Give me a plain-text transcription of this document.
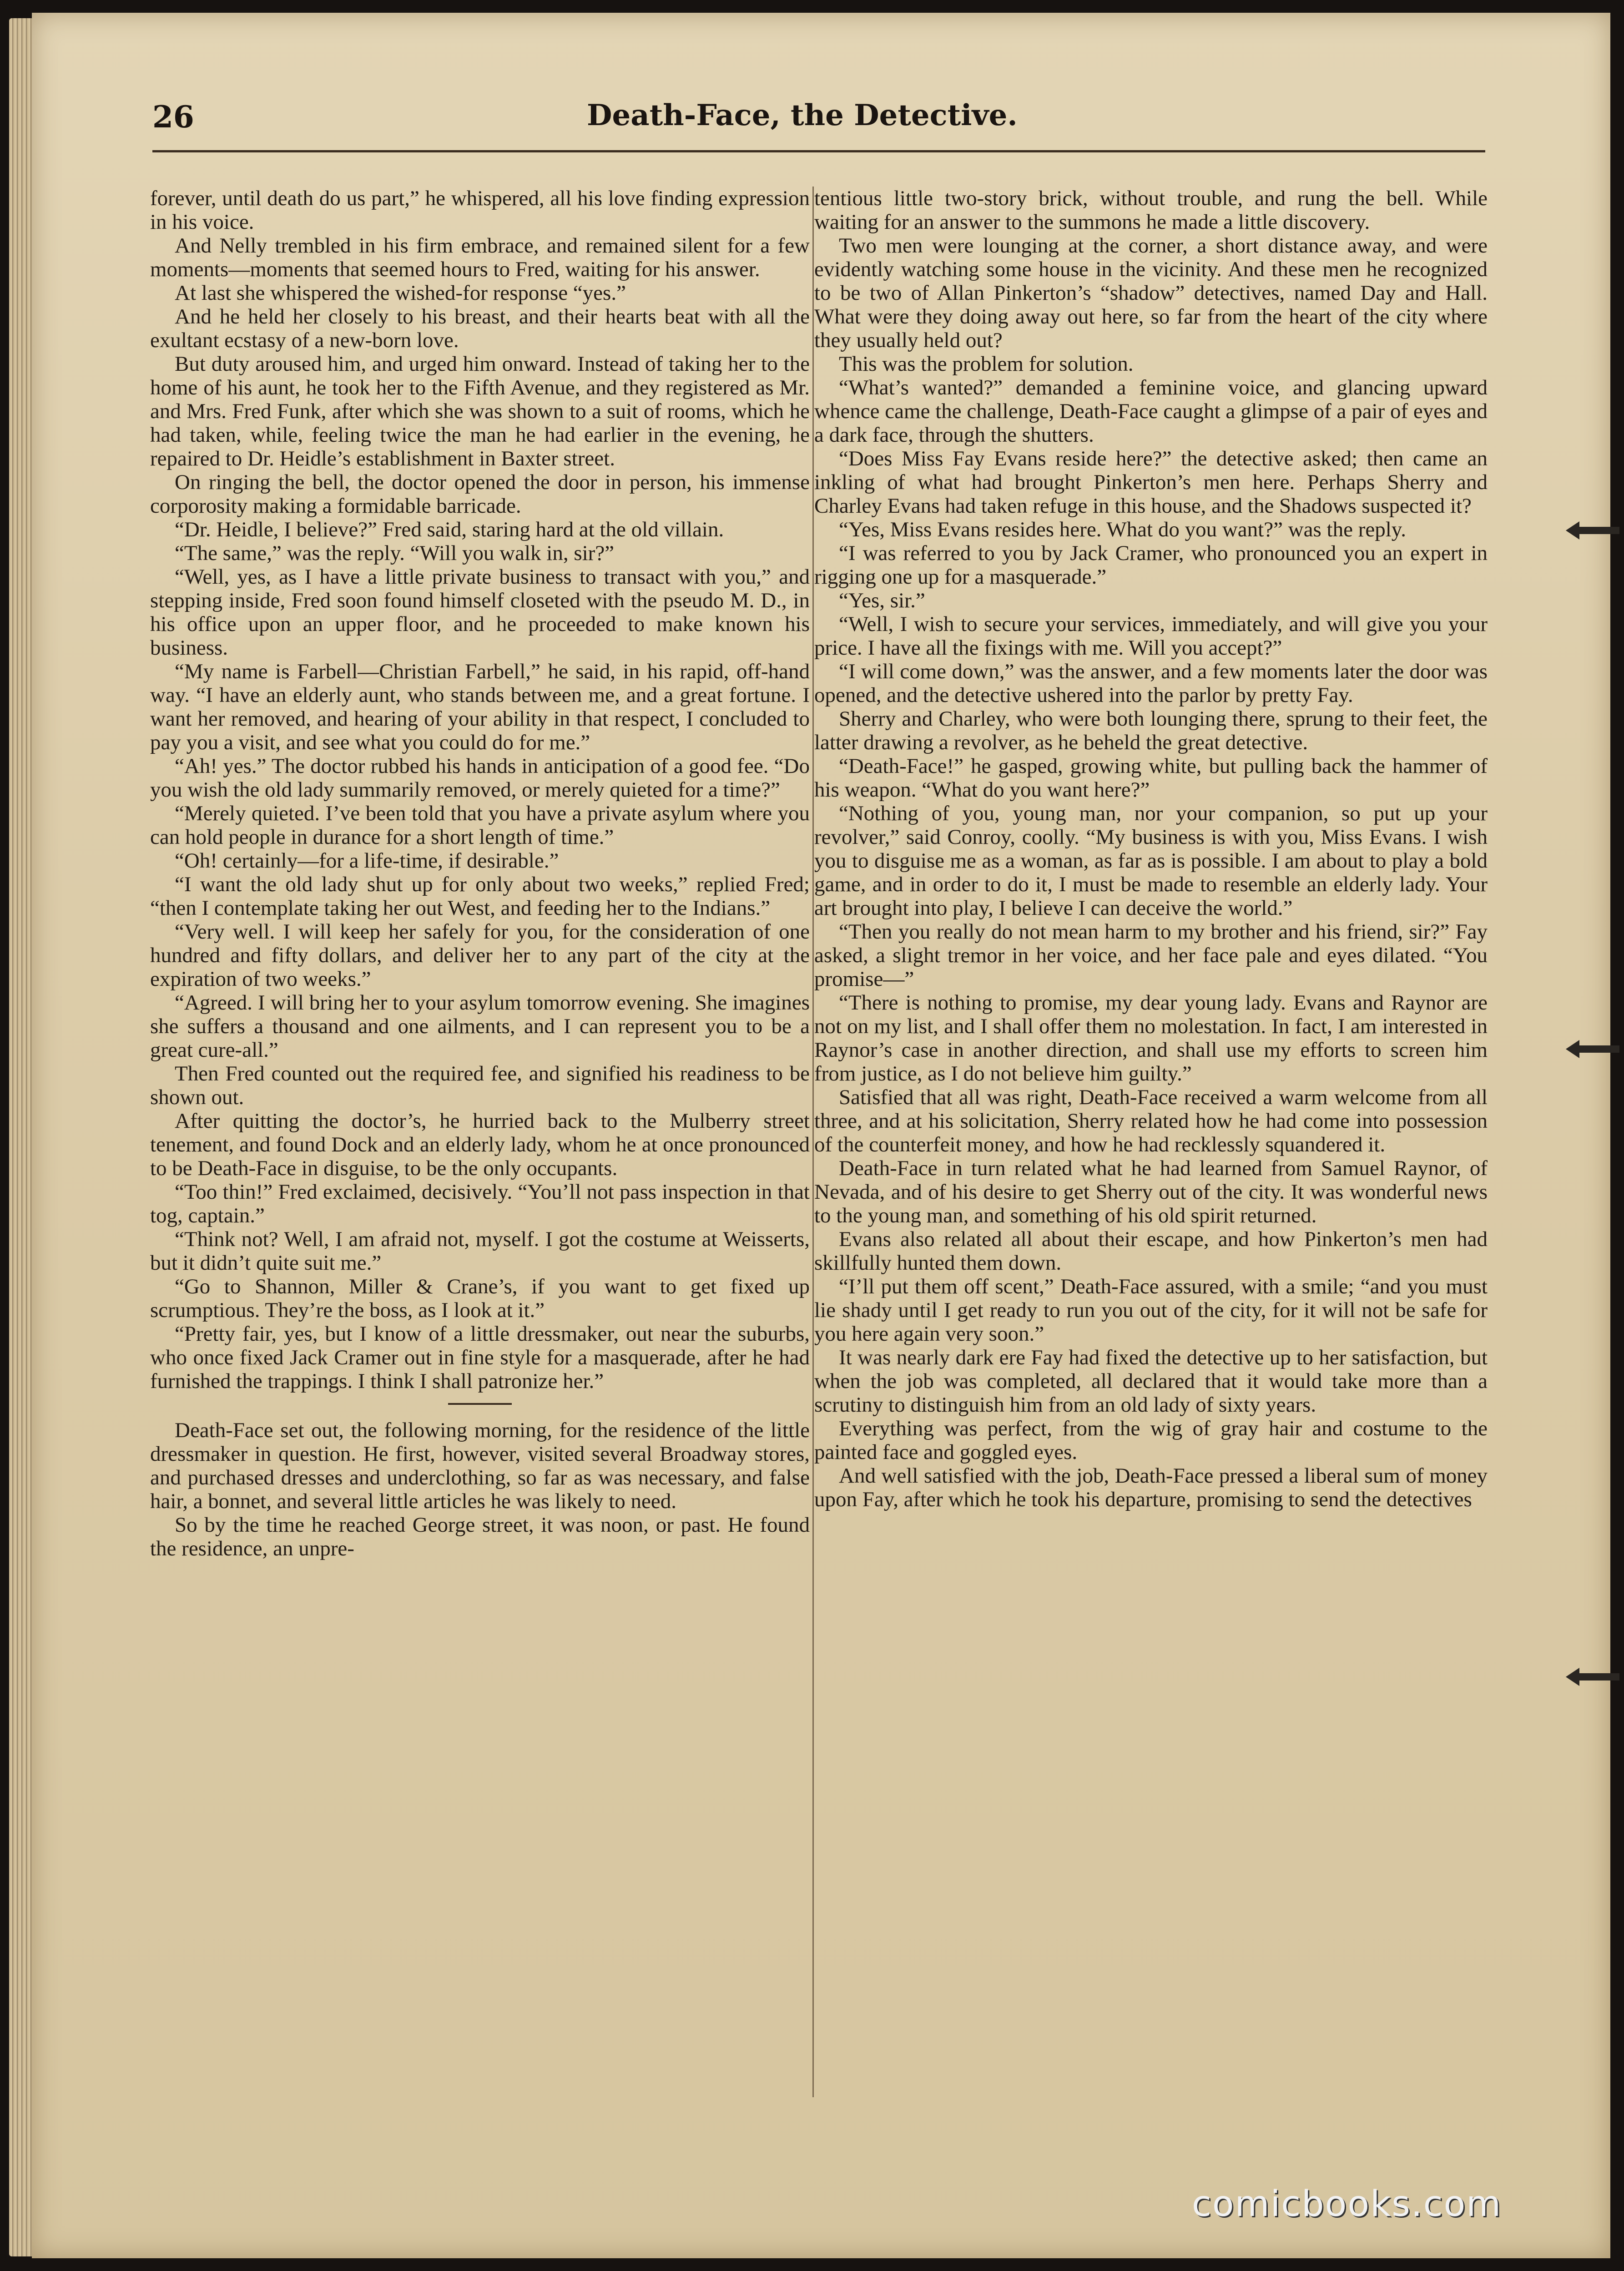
26	Death-Face, the Detective.

forever, until death do us part,” he whispered, all his love finding expression in his voice.

And Nelly trembled in his firm embrace, and remained silent for a few moments—moments that seemed hours to Fred, waiting for his answer.

At last she whispered the wished-for response “yes.”

And he held her closely to his breast, and their hearts beat with all the exultant ecstasy of a new-born love.

But duty aroused him, and urged him onward. Instead of taking her to the home of his aunt, he took her to the Fifth Avenue, and they registered as Mr. and Mrs. Fred Funk, after which she was shown to a suit of rooms, which he had taken, while, feeling twice the man he had earlier in the evening, he repaired to Dr. Heidle’s establishment in Baxter street.

On ringing the bell, the doctor opened the door in person, his immense corporosity making a formidable barricade.

“Dr. Heidle, I believe?” Fred said, staring hard at the old villain.

“The same,” was the reply. “Will you walk in, sir?”

“Well, yes, as I have a little private business to transact with you,” and stepping inside, Fred soon found himself closeted with the pseudo M. D., in his office upon an upper floor, and he proceeded to make known his business.

“My name is Farbell—Christian Farbell,” he said, in his rapid, off-hand way. “I have an elderly aunt, who stands between me, and a great fortune. I want her removed, and hearing of your ability in that respect, I concluded to pay you a visit, and see what you could do for me.”

“Ah! yes.” The doctor rubbed his hands in anticipation of a good fee. “Do you wish the old lady summarily removed, or merely quieted for a time?”

“Merely quieted. I’ve been told that you have a private asylum where you can hold people in durance for a short length of time.”

“Oh! certainly—for a life-time, if desirable.”

“I want the old lady shut up for only about two weeks,” replied Fred; “then I contemplate taking her out West, and feeding her to the Indians.”

“Very well. I will keep her safely for you, for the consideration of one hundred and fifty dollars, and deliver her to any part of the city at the expiration of two weeks.”

“Agreed. I will bring her to your asylum tomorrow evening. She imagines she suffers a thousand and one ailments, and I can represent you to be a great cure-all.”

Then Fred counted out the required fee, and signified his readiness to be shown out.

After quitting the doctor’s, he hurried back to the Mulberry street tenement, and found Dock and an elderly lady, whom he at once pronounced to be Death-Face in disguise, to be the only occupants.

“Too thin!” Fred exclaimed, decisively. “You’ll not pass inspection in that tog, captain.”

“Think not? Well, I am afraid not, myself. I got the costume at Weisserts, but it didn’t quite suit me.”

“Go to Shannon, Miller & Crane’s, if you want to get fixed up scrumptious. They’re the boss, as I look at it.”

“Pretty fair, yes, but I know of a little dressmaker, out near the suburbs, who once fixed Jack Cramer out in fine style for a masquerade, after he had furnished the trappings. I think I shall patronize her.”

Death-Face set out, the following morning, for the residence of the little dressmaker in question. He first, however, visited several Broadway stores, and purchased dresses and underclothing, so far as was necessary, and false hair, a bonnet, and several little articles he was likely to need.

So by the time he reached George street, it was noon, or past. He found the residence, an unpre-

tentious little two-story brick, without trouble, and rung the bell. While waiting for an answer to the summons he made a little discovery.

Two men were lounging at the corner, a short distance away, and were evidently watching some house in the vicinity. And these men he recognized to be two of Allan Pinkerton’s “shadow” detectives, named Day and Hall. What were they doing away out here, so far from the heart of the city where they usually held out?

This was the problem for solution.

“What’s wanted?” demanded a feminine voice, and glancing upward whence came the challenge, Death-Face caught a glimpse of a pair of eyes and a dark face, through the shutters.

“Does Miss Fay Evans reside here?” the detective asked; then came an inkling of what had brought Pinkerton’s men here. Perhaps Sherry and Charley Evans had taken refuge in this house, and the Shadows suspected it?

“Yes, Miss Evans resides here. What do you want?” was the reply.

“I was referred to you by Jack Cramer, who pronounced you an expert in rigging one up for a masquerade.”

“Yes, sir.”

“Well, I wish to secure your services, immediately, and will give you your price. I have all the fixings with me. Will you accept?”

“I will come down,” was the answer, and a few moments later the door was opened, and the detective ushered into the parlor by pretty Fay.

Sherry and Charley, who were both lounging there, sprung to their feet, the latter drawing a revolver, as he beheld the great detective.

“Death-Face!” he gasped, growing white, but pulling back the hammer of his weapon. “What do you want here?”

“Nothing of you, young man, nor your companion, so put up your revolver,” said Conroy, coolly. “My business is with you, Miss Evans. I wish you to disguise me as a woman, as far as is possible. I am about to play a bold game, and in order to do it, I must be made to resemble an elderly lady. Your art brought into play, I believe I can deceive the world.”

“Then you really do not mean harm to my brother and his friend, sir?” Fay asked, a slight tremor in her voice, and her face pale and eyes dilated. “You promise—”

“There is nothing to promise, my dear young lady. Evans and Raynor are not on my list, and I shall offer them no molestation. In fact, I am interested in Raynor’s case in another direction, and shall use my efforts to screen him from justice, as I do not believe him guilty.”

Satisfied that all was right, Death-Face received a warm welcome from all three, and at his solicitation, Sherry related how he had come into possession of the counterfeit money, and how he had recklessly squandered it.

Death-Face in turn related what he had learned from Samuel Raynor, of Nevada, and of his desire to get Sherry out of the city. It was wonderful news to the young man, and something of his old spirit returned.

Evans also related all about their escape, and how Pinkerton’s men had skillfully hunted them down.

“I’ll put them off scent,” Death-Face assured, with a smile; “and you must lie shady until I get ready to run you out of the city, for it will not be safe for you here again very soon.”

It was nearly dark ere Fay had fixed the detective up to her satisfaction, but when the job was completed, all declared that it would take more than a scrutiny to distinguish him from an old lady of sixty years.

Everything was perfect, from the wig of gray hair and costume to the painted face and goggled eyes.

And well satisfied with the job, Death-Face pressed a liberal sum of money upon Fay, after which he took his departure, promising to send the detectives

comicbooks.com
